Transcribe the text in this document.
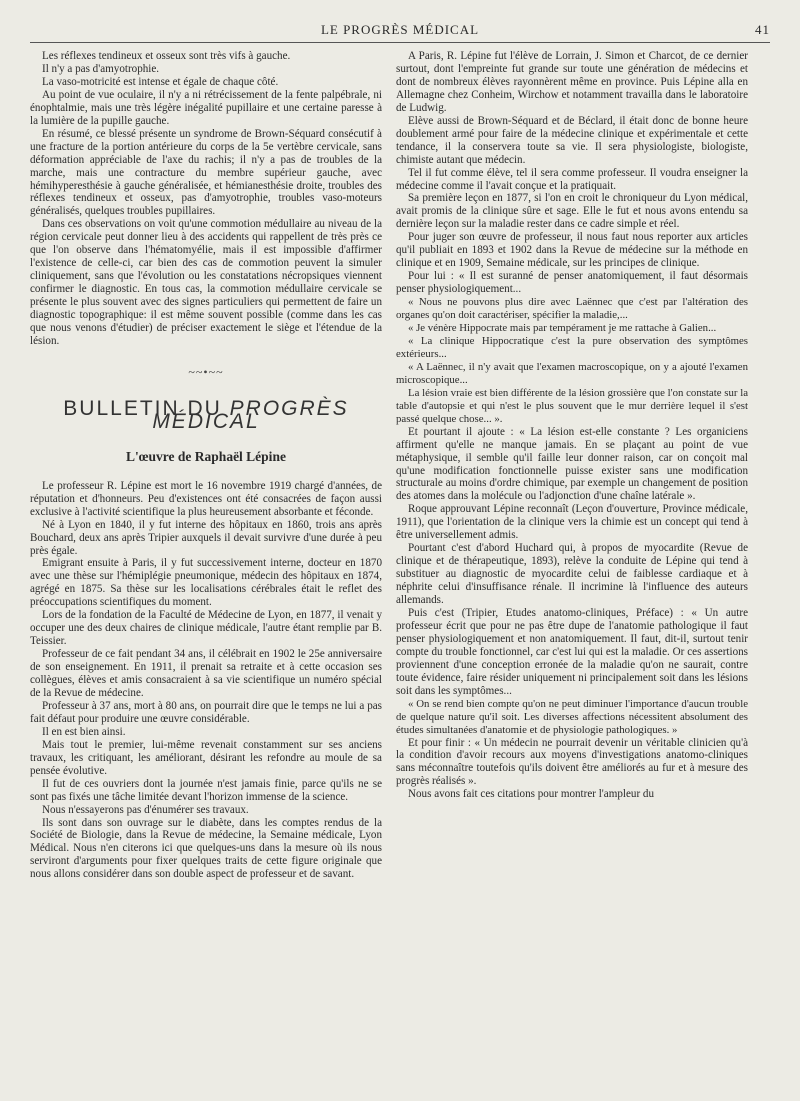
LE PROGRÈS MÉDICAL	41

Les réflexes tendineux et osseux sont très vifs à gauche.

Il n'y a pas d'amyotrophie.

La vaso-motricité est intense et égale de chaque côté.

Au point de vue oculaire, il n'y a ni rétrécissement de la fente palpébrale, ni énophtalmie, mais une très légère inégalité pupillaire et une certaine paresse à la lumière de la pupille gauche.

En résumé, ce blessé présente un syndrome de Brown-Séquard consécutif à une fracture de la portion antérieure du corps de la 5e vertèbre cervicale, sans déformation appréciable de l'axe du rachis; il n'y a pas de troubles de la marche, mais une contracture du membre supérieur gauche, avec hémihyperesthésie à gauche généralisée, et hémianesthésie droite, troubles des réflexes tendineux et osseux, pas d'amyotrophie, troubles vaso-moteurs généralisés, quelques troubles pupillaires.

Dans ces observations on voit qu'une commotion médullaire au niveau de la région cervicale peut donner lieu à des accidents qui rappellent de très près ce que l'on observe dans l'hématomyélie, mais il est impossible d'affirmer l'existence de celle-ci, car bien des cas de commotion peuvent la simuler cliniquement, sans que l'évolution ou les constatations nécropsiques viennent confirmer le diagnostic. En tous cas, la commotion médullaire cervicale se présente le plus souvent avec des signes particuliers qui permettent de faire un diagnostic topographique: il est même souvent possible (comme dans les cas que nous venons d'étudier) de préciser exactement le siège et l'étendue de la lésion.

~~•~~
BULLETIN DU PROGRÈS MÉDICAL
L'œuvre de Raphaël Lépine

Le professeur R. Lépine est mort le 16 novembre 1919 chargé d'années, de réputation et d'honneurs. Peu d'existences ont été consacrées de façon aussi exclusive à l'activité scientifique la plus heureusement absorbante et féconde.

Né à Lyon en 1840, il y fut interne des hôpitaux en 1860, trois ans après Bouchard, deux ans après Tripier auxquels il devait survivre d'une durée à peu près égale.

Emigrant ensuite à Paris, il y fut successivement interne, docteur en 1870 avec une thèse sur l'hémiplégie pneumonique, médecin des hôpitaux en 1874, agrégé en 1875. Sa thèse sur les localisations cérébrales était le reflet des préoccupations scientifiques du moment.

Lors de la fondation de la Faculté de Médecine de Lyon, en 1877, il venait y occuper une des deux chaires de clinique médicale, l'autre étant remplie par B. Teissier.

Professeur de ce fait pendant 34 ans, il célébrait en 1902 le 25e anniversaire de son enseignement. En 1911, il prenait sa retraite et à cette occasion ses collègues, élèves et amis consacraient à sa vie scientifique un numéro spécial de la Revue de médecine.

Professeur à 37 ans, mort à 80 ans, on pourrait dire que le temps ne lui a pas fait défaut pour produire une œuvre considérable.

Il en est bien ainsi.

Mais tout le premier, lui-même revenait constamment sur ses anciens travaux, les critiquant, les améliorant, désirant les refondre au moule de sa pensée évolutive.

Il fut de ces ouvriers dont la journée n'est jamais finie, parce qu'ils ne se sont pas fixés une tâche limitée devant l'horizon immense de la science.

Nous n'essayerons pas d'énumérer ses travaux.

Ils sont dans son ouvrage sur le diabète, dans les comptes rendus de la Société de Biologie, dans la Revue de médecine, la Semaine médicale, Lyon Médical. Nous n'en citerons ici que quelques-uns dans la mesure où ils nous serviront d'arguments pour fixer quelques traits de cette figure originale que nous allons considérer dans son double aspect de professeur et de savant.

A Paris, R. Lépine fut l'élève de Lorrain, J. Simon et Charcot, de ce dernier surtout, dont l'empreinte fut grande sur toute une génération de médecins et dont de nombreux élèves rayonnèrent même en province. Puis Lépine alla en Allemagne chez Conheim, Wirchow et notamment travailla dans le laboratoire de Ludwig.

Elève aussi de Brown-Séquard et de Béclard, il était donc de bonne heure doublement armé pour faire de la médecine clinique et expérimentale et cette tendance, il la conservera toute sa vie. Il sera physiologiste, biologiste, chimiste autant que médecin.

Tel il fut comme élève, tel il sera comme professeur. Il voudra enseigner la médecine comme il l'avait conçue et la pratiquait.

Sa première leçon en 1877, si l'on en croit le chroniqueur du Lyon médical, avait promis de la clinique sûre et sage. Elle le fut et nous avons entendu sa dernière leçon sur la maladie rester dans ce cadre simple et réel.

Pour juger son œuvre de professeur, il nous faut nous reporter aux articles qu'il publiait en 1893 et 1902 dans la Revue de médecine sur la méthode en clinique et en 1909, Semaine médicale, sur les principes de clinique.

Pour lui : « Il est suranné de penser anatomiquement, il faut désormais penser physiologiquement...

« Nous ne pouvons plus dire avec Laënnec que c'est par l'altération des organes qu'on doit caractériser, spécifier la maladie,...

« Je vénère Hippocrate mais par tempérament je me rattache à Galien...

« La clinique Hippocratique c'est la pure observation des symptômes extérieurs...

« A Laënnec, il n'y avait que l'examen macroscopique, on y a ajouté l'examen microscopique...

La lésion vraie est bien différente de la lésion grossière que l'on constate sur la table d'autopsie et qui n'est le plus souvent que le mur derrière lequel il s'est passé quelque chose... ».

Et pourtant il ajoute : « La lésion est-elle constante ? Les organiciens affirment qu'elle ne manque jamais. En se plaçant au point de vue métaphysique, il semble qu'il faille leur donner raison, car on conçoit mal qu'une modification fonctionnelle puisse exister sans une modification structurale au moins d'ordre chimique, par exemple un changement de position des atomes dans la molécule ou l'adjonction d'une chaîne latérale ».

Roque approuvant Lépine reconnaît (Leçon d'ouverture, Province médicale, 1911), que l'orientation de la clinique vers la chimie est un concept qui tend à être universellement admis.

Pourtant c'est d'abord Huchard qui, à propos de myocardite (Revue de clinique et de thérapeutique, 1893), relève la conduite de Lépine qui tend à substituer au diagnostic de myocardite celui de faiblesse cardiaque et à néphrite celui d'insuffisance rénale. Il incrimine là l'influence des auteurs allemands.

Puis c'est (Tripier, Etudes anatomo-cliniques, Préface) : « Un autre professeur écrit que pour ne pas être dupe de l'anatomie pathologique il faut penser physiologiquement et non anatomiquement. Il faut, dit-il, surtout tenir compte du trouble fonctionnel, car c'est lui qui est la maladie. Or ces assertions proviennent d'une conception erronée de la maladie qu'on ne saurait, contre toute évidence, faire résider uniquement ni principalement soit dans les lésions soit dans les symptômes...

« On se rend bien compte qu'on ne peut diminuer l'importance d'aucun trouble de quelque nature qu'il soit. Les diverses affections nécessitent absolument des études simultanées d'anatomie et de physiologie pathologiques. »

Et pour finir : « Un médecin ne pourrait devenir un véritable clinicien qu'à la condition d'avoir recours aux moyens d'investigations anatomo-cliniques sans méconnaître toutefois qu'ils doivent être améliorés au fur et à mesure des progrès réalisés ».

Nous avons fait ces citations pour montrer l'ampleur du
